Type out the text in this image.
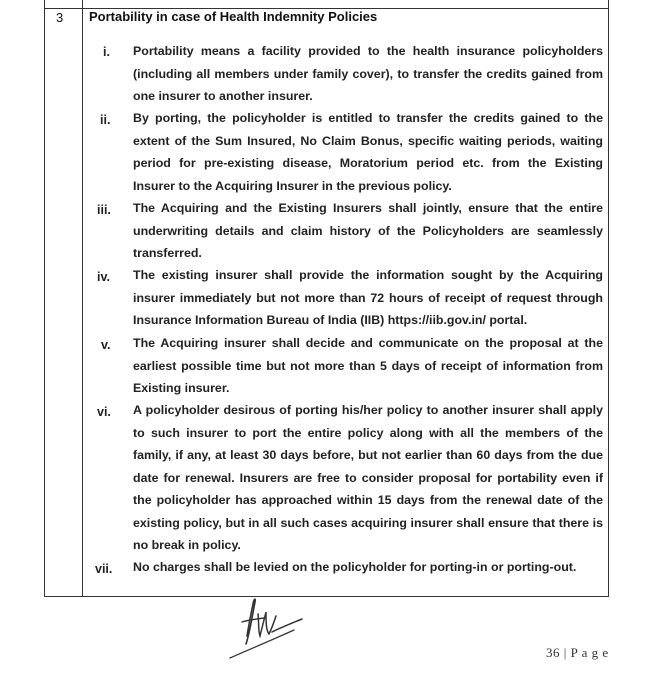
3 Portability in case of Health Indemnity Policies
i. Portability means a facility provided to the health insurance policyholders (including all members under family cover), to transfer the credits gained from one insurer to another insurer.
ii. By porting, the policyholder is entitled to transfer the credits gained to the extent of the Sum Insured, No Claim Bonus, specific waiting periods, waiting period for pre-existing disease, Moratorium period etc. from the Existing Insurer to the Acquiring Insurer in the previous policy.
iii. The Acquiring and the Existing Insurers shall jointly, ensure that the entire underwriting details and claim history of the Policyholders are seamlessly transferred.
iv. The existing insurer shall provide the information sought by the Acquiring insurer immediately but not more than 72 hours of receipt of request through Insurance Information Bureau of India (IIB) https://iib.gov.in/ portal.
v. The Acquiring insurer shall decide and communicate on the proposal at the earliest possible time but not more than 5 days of receipt of information from Existing insurer.
vi. A policyholder desirous of porting his/her policy to another insurer shall apply to such insurer to port the entire policy along with all the members of the family, if any, at least 30 days before, but not earlier than 60 days from the due date for renewal. Insurers are free to consider proposal for portability even if the policyholder has approached within 15 days from the renewal date of the existing policy, but in all such cases acquiring insurer shall ensure that there is no break in policy.
vii. No charges shall be levied on the policyholder for porting-in or porting-out.
36 | P a g e
